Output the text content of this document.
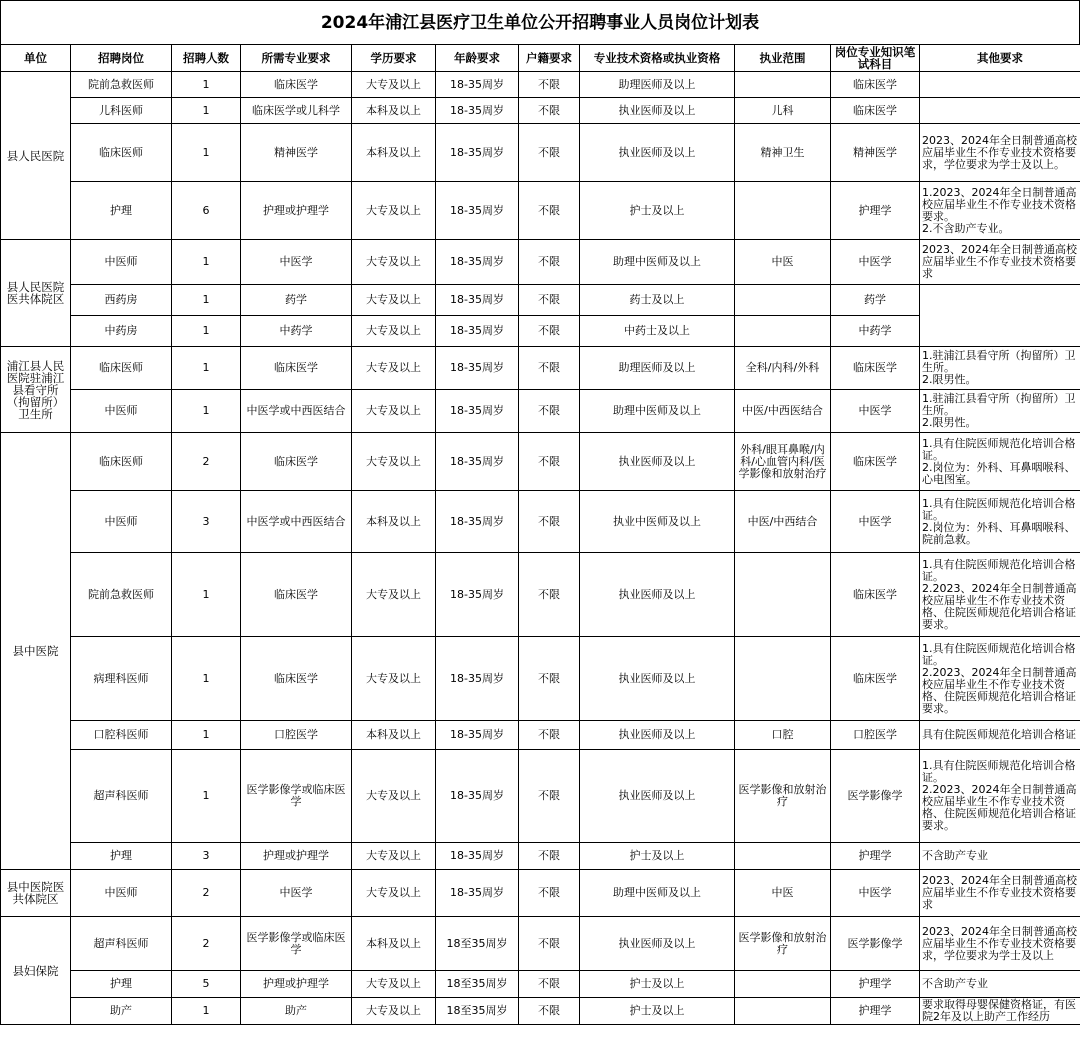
2024年浦江县医疗卫生单位公开招聘事业人员岗位计划表
单位	招聘岗位	招聘人数	所需专业要求	学历要求	年龄要求	户籍要求	专业技术资格或执业资格	执业范围	岗位专业知识笔试科目	其他要求
县人民医院	院前急救医师	1	临床医学	大专及以上	18-35周岁	不限	助理医师及以上		临床医学	
	儿科医师	1	临床医学或儿科学	本科及以上	18-35周岁	不限	执业医师及以上	儿科	临床医学	
	临床医师	1	精神医学	本科及以上	18-35周岁	不限	执业医师及以上	精神卫生	精神医学	2023、2024年全日制普通高校应届毕业生不作专业技术资格要求，学位要求为学士及以上。
	护理	6	护理或护理学	大专及以上	18-35周岁	不限	护士及以上		护理学	1.2023、2024年全日制普通高校应届毕业生不作专业技术资格要求。
2.不含助产专业。
县人民医院医共体院区	中医师	1	中医学	大专及以上	18-35周岁	不限	助理中医师及以上	中医	中医学	2023、2024年全日制普通高校应届毕业生不作专业技术资格要求
	西药房	1	药学	大专及以上	18-35周岁	不限	药士及以上		药学	
	中药房	1	中药学	大专及以上	18-35周岁	不限	中药士及以上		中药学	
浦江县人民医院驻浦江县看守所（拘留所）卫生所	临床医师	1	临床医学	大专及以上	18-35周岁	不限	助理医师及以上	全科/内科/外科	临床医学	1.驻浦江县看守所（拘留所）卫生所。
2.限男性。
	中医师	1	中医学或中西医结合	大专及以上	18-35周岁	不限	助理中医师及以上	中医/中西医结合	中医学	1.驻浦江县看守所（拘留所）卫生所。
2.限男性。
县中医院	临床医师	2	临床医学	大专及以上	18-35周岁	不限	执业医师及以上	外科/眼耳鼻喉/内科/心血管内科/医学影像和放射治疗	临床医学	1.具有住院医师规范化培训合格证。
2.岗位为：外科、耳鼻咽喉科、心电图室。
	中医师	3	中医学或中西医结合	本科及以上	18-35周岁	不限	执业中医师及以上	中医/中西结合	中医学	1.具有住院医师规范化培训合格证。
2.岗位为：外科、耳鼻咽喉科、院前急救。
	院前急救医师	1	临床医学	大专及以上	18-35周岁	不限	执业医师及以上		临床医学	1.具有住院医师规范化培训合格证。
2.2023、2024年全日制普通高校应届毕业生不作专业技术资格、住院医师规范化培训合格证要求。
	病理科医师	1	临床医学	大专及以上	18-35周岁	不限	执业医师及以上		临床医学	1.具有住院医师规范化培训合格证。
2.2023、2024年全日制普通高校应届毕业生不作专业技术资格、住院医师规范化培训合格证要求。
	口腔科医师	1	口腔医学	本科及以上	18-35周岁	不限	执业医师及以上	口腔	口腔医学	具有住院医师规范化培训合格证
	超声科医师	1	医学影像学或临床医学	大专及以上	18-35周岁	不限	执业医师及以上	医学影像和放射治疗	医学影像学	1.具有住院医师规范化培训合格证。
2.2023、2024年全日制普通高校应届毕业生不作专业技术资格、住院医师规范化培训合格证要求。
	护理	3	护理或护理学	大专及以上	18-35周岁	不限	护士及以上		护理学	不含助产专业
县中医院医共体院区	中医师	2	中医学	大专及以上	18-35周岁	不限	助理中医师及以上	中医	中医学	2023、2024年全日制普通高校应届毕业生不作专业技术资格要求
县妇保院	超声科医师	2	医学影像学或临床医学	本科及以上	18至35周岁	不限	执业医师及以上	医学影像和放射治疗	医学影像学	2023、2024年全日制普通高校应届毕业生不作专业技术资格要求，学位要求为学士及以上
	护理	5	护理或护理学	大专及以上	18至35周岁	不限	护士及以上		护理学	不含助产专业
	助产	1	助产	大专及以上	18至35周岁	不限	护士及以上		护理学	要求取得母婴保健资格证，有医院2年及以上助产工作经历
